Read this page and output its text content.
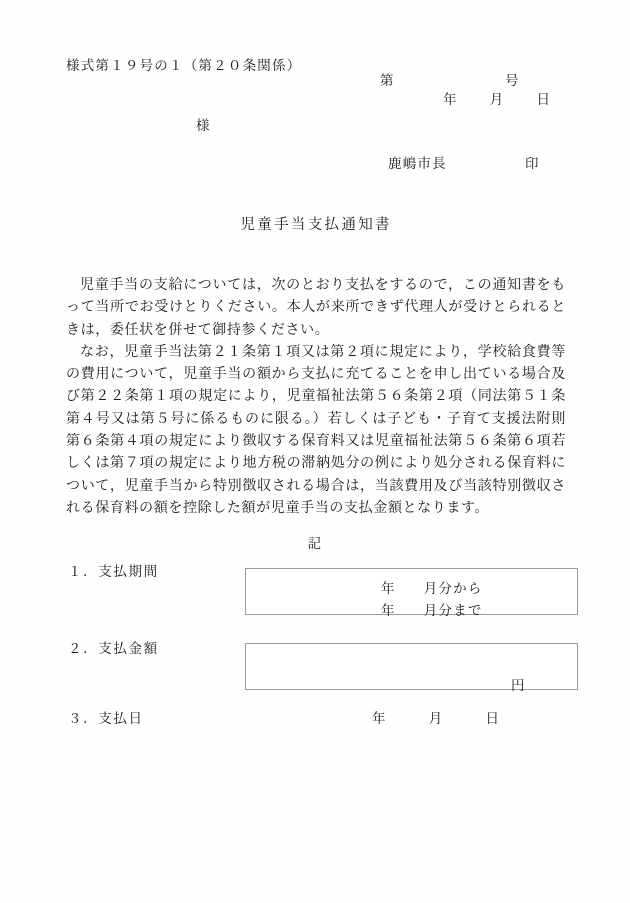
様式第１９号の１（第２０条関係）
第	号
年 月 日
様
鹿嶋市長	印
児童手当支払通知書

児童手当の支給については，次のとおり支払をするので，この通知書をもって当所でお受けとりください。本人が来所できず代理人が受けとられるときは，委任状を併せて御持参ください。

なお，児童手当法第２１条第１項又は第２項に規定により，学校給食費等の費用について，児童手当の額から支払に充てることを申し出ている場合及び第２２条第１項の規定により，児童福祉法第５６条第２項（同法第５１条第４号又は第５号に係るものに限る。）若しくは子ども・子育て支援法附則第６条第４項の規定により徴収する保育料又は児童福祉法第５６条第６項若しくは第７項の規定により地方税の滞納処分の例により処分される保育料について，児童手当から特別徴収される場合は，当該費用及び当該特別徴収される保育料の額を控除した額が児童手当の支払金額となります。

記
１．支払期間
年 月分から
年 月分まで
２．支払金額
円
３．支払日	年	月	日
